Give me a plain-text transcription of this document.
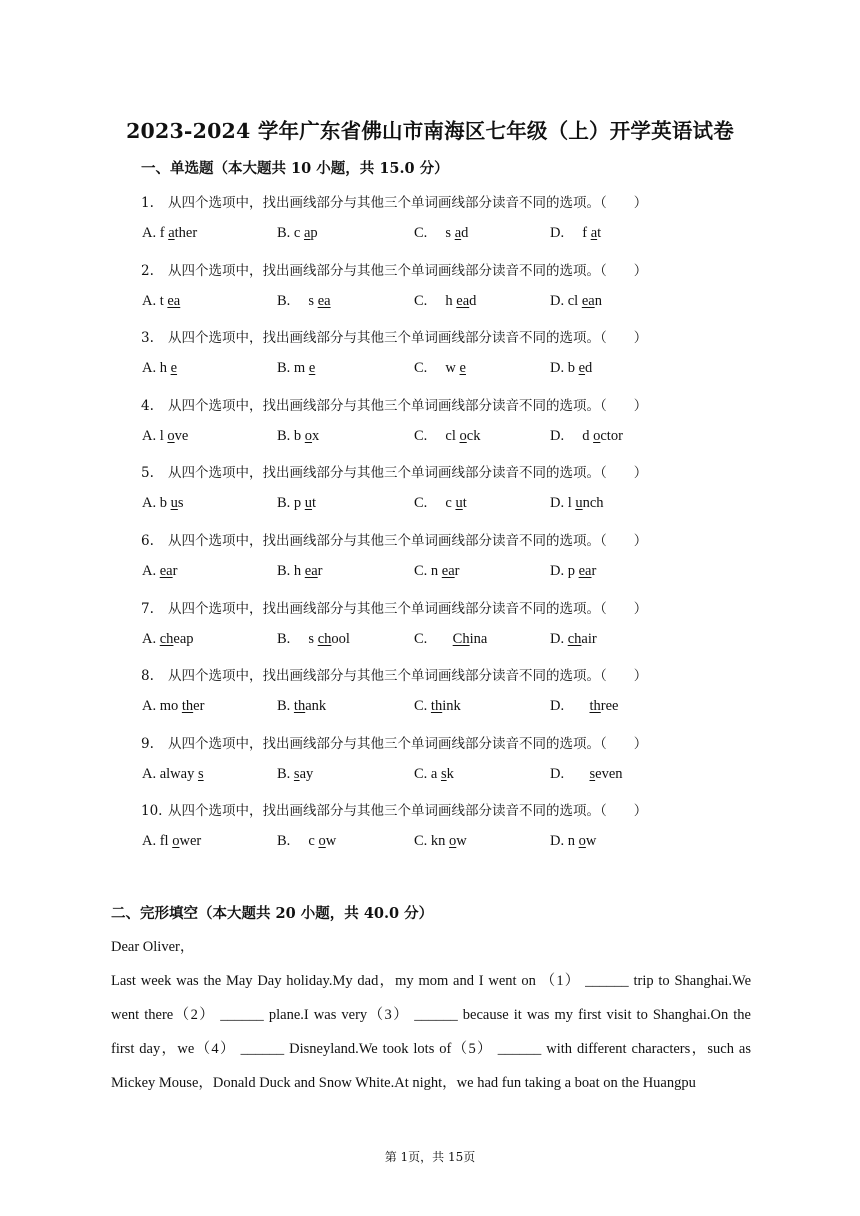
2023-2024 学年广东省佛山市南海区七年级（上）开学英语试卷
一、单选题（本大题共 10 小题，共 15.0 分）
1. 从四个选项中，找出画线部分与其他三个单词画线部分读音不同的选项。（　　）
A. f ather	B. c ap	C.     s ad	D.     f at
2. 从四个选项中，找出画线部分与其他三个单词画线部分读音不同的选项。（　　）
A. t ea	B.     s ea	C.     h ead	D. cl ean
3. 从四个选项中，找出画线部分与其他三个单词画线部分读音不同的选项。（　　）
A. h e	B. m e	C.     w e	D. b ed
4. 从四个选项中，找出画线部分与其他三个单词画线部分读音不同的选项。（　　）
A. l ove	B. b ox	C.     cl ock	D.     d octor
5. 从四个选项中，找出画线部分与其他三个单词画线部分读音不同的选项。（　　）
A. b us	B. p ut	C.     c ut	D. l unch
6. 从四个选项中，找出画线部分与其他三个单词画线部分读音不同的选项。（　　）
A. ear	B. h ear	C. n ear	D. p ear
7. 从四个选项中，找出画线部分与其他三个单词画线部分读音不同的选项。（　　）
A. cheap	B.     s chool	C.       China	D. chair
8. 从四个选项中，找出画线部分与其他三个单词画线部分读音不同的选项。（　　）
A. mo ther	B. thank	C. think	D.       three
9. 从四个选项中，找出画线部分与其他三个单词画线部分读音不同的选项。（　　）
A. alway s	B. say	C. a sk	D.       seven
10. 从四个选项中，找出画线部分与其他三个单词画线部分读音不同的选项。（　　）
A. fl ower	B.     c ow	C. kn ow	D. n ow
二、完形填空（本大题共 20 小题，共 40.0 分）
Dear Oliver，
Last week was the May Day holiday.My dad，my mom and I went on （1） ______ trip to Shanghai.We
went there（2） ______ plane.I was very（3） ______ because it was my first visit to Shanghai.On the
first day，we（4） ______ Disneyland.We took lots of（5） ______ with different characters，such as
Mickey Mouse，Donald Duck and Snow White.At night，we had fun taking a boat on the Huangpu
第 1页，共 15页
